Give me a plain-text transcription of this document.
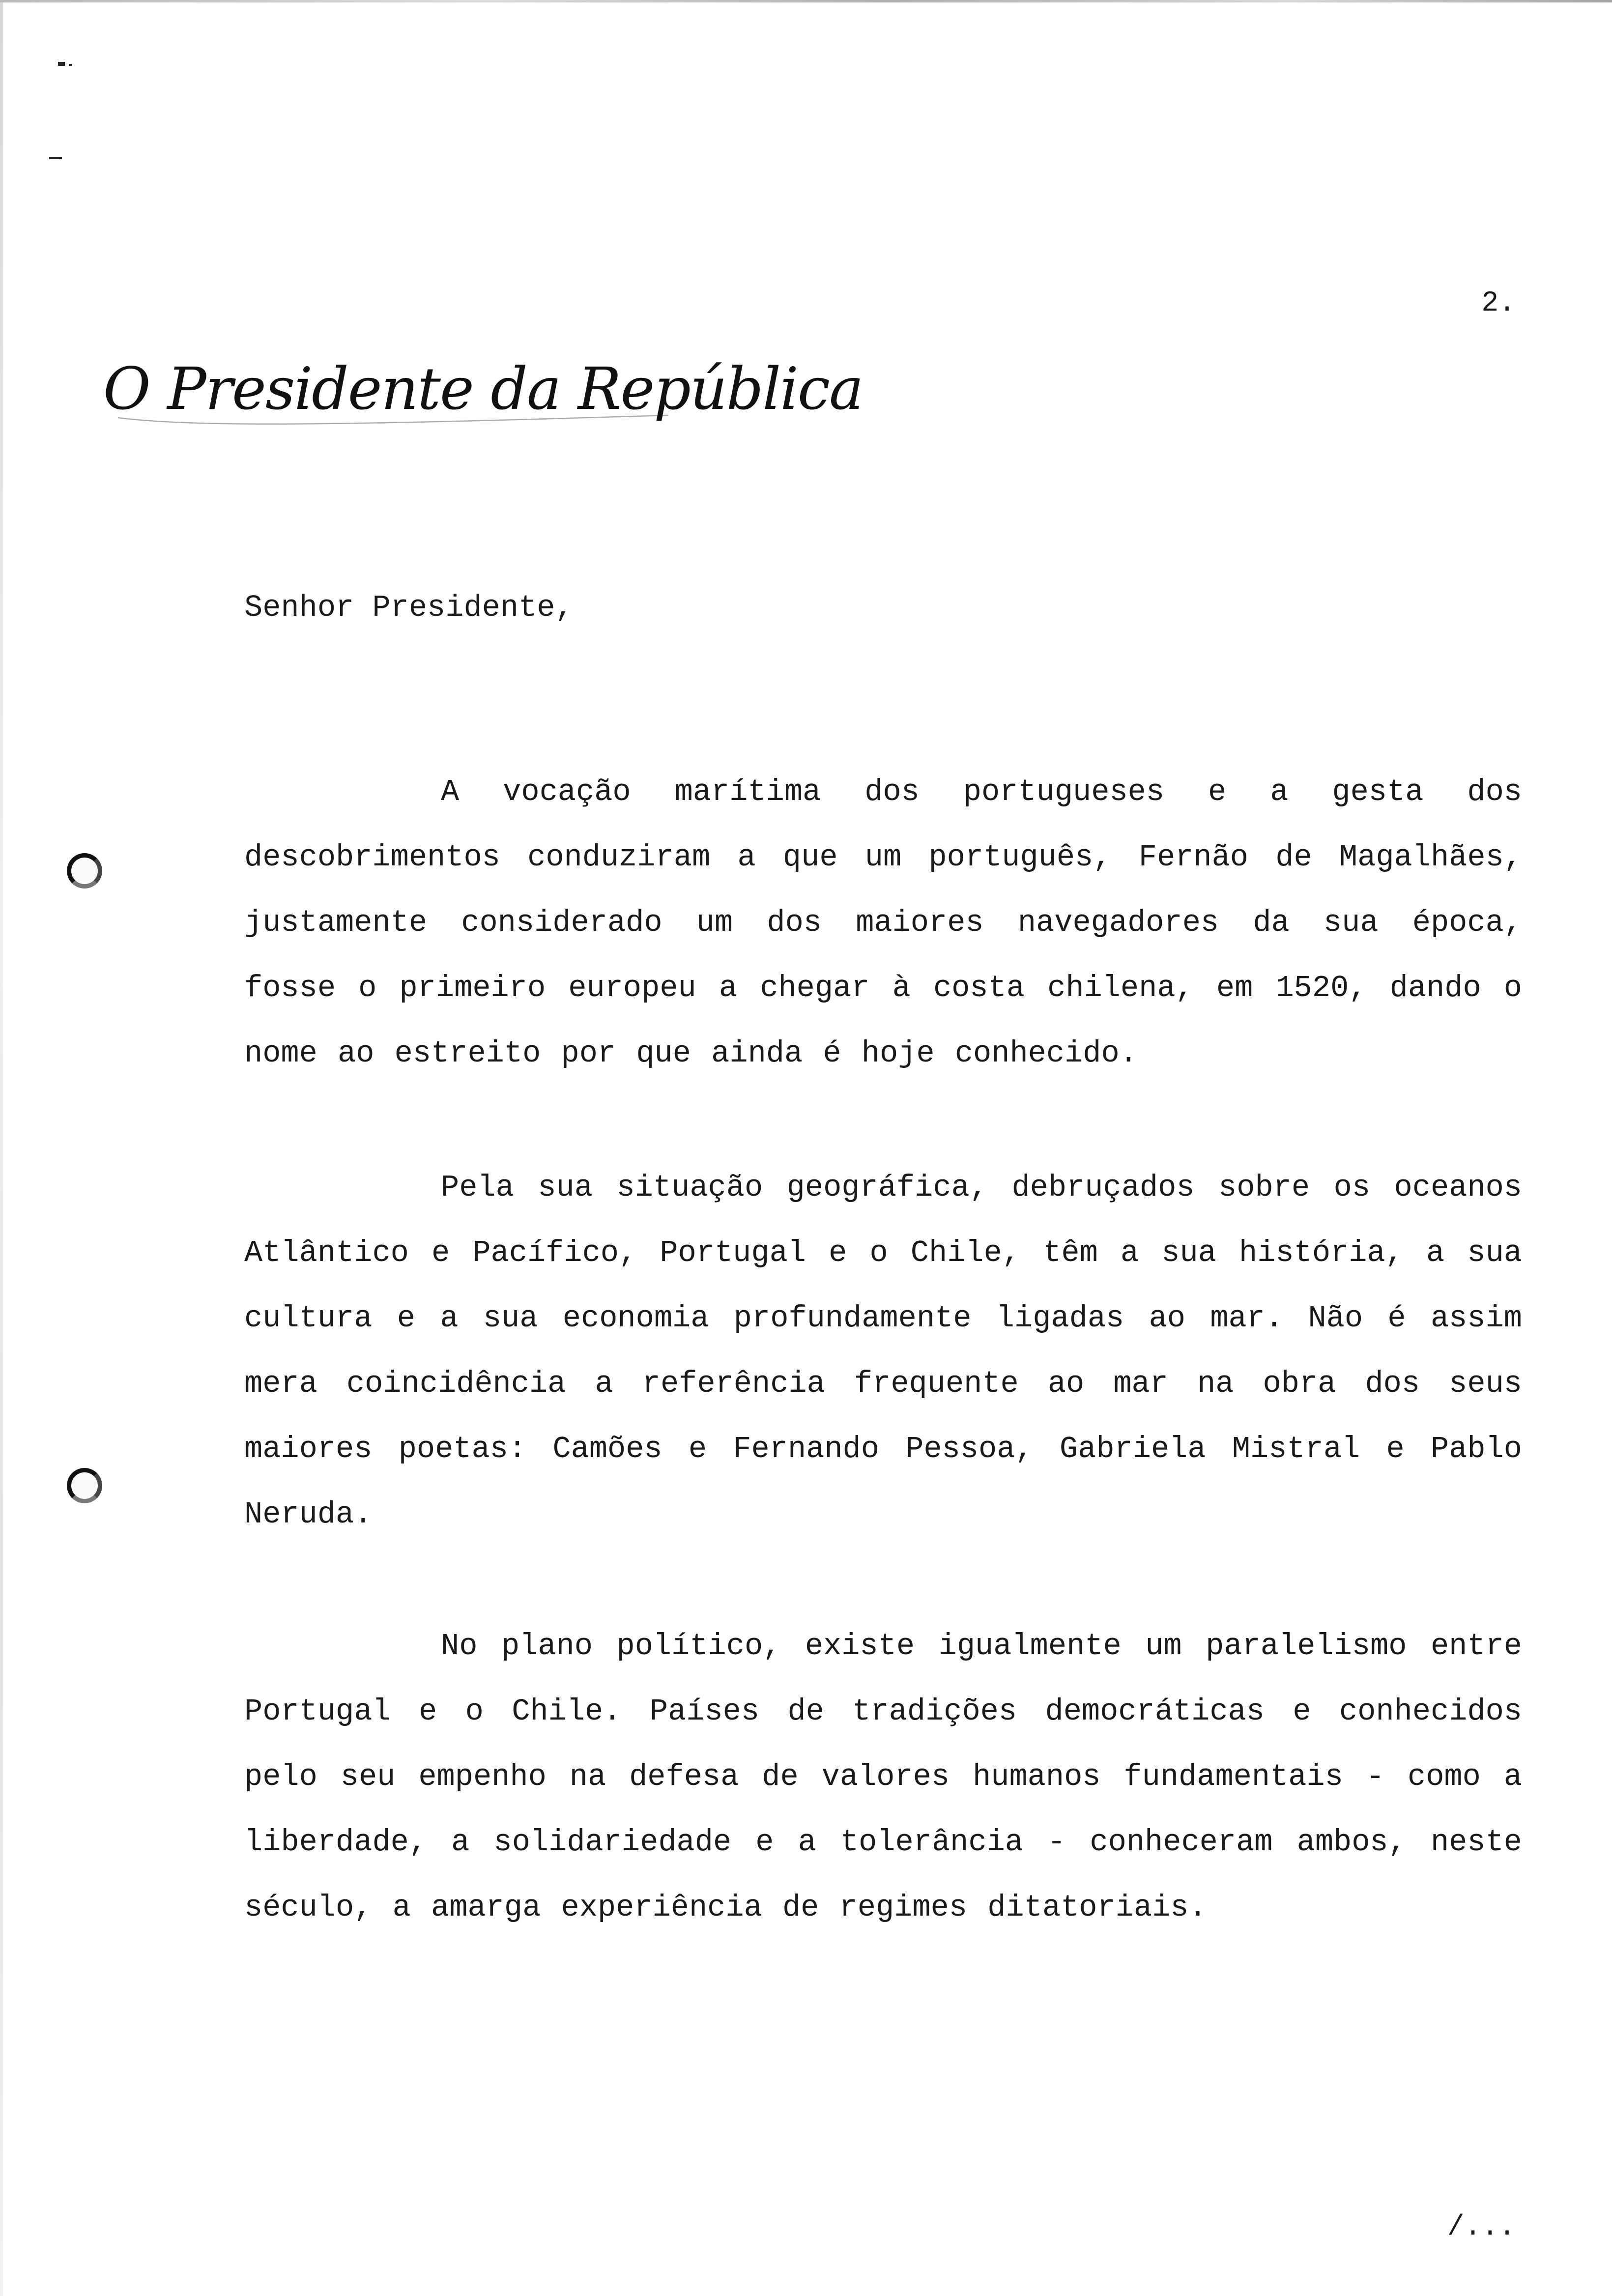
2.
O Presidente da República

Senhor Presidente,

A vocação marítima dos portugueses e a gesta dos descobrimentos conduziram a que um português, Fernão de Magalhães, justamente considerado um dos maiores navegadores da sua época, fosse o primeiro europeu a chegar à costa chilena, em 1520, dando o nome ao estreito por que ainda é hoje conhecido.

Pela sua situação geográfica, debruçados sobre os oceanos Atlântico e Pacífico, Portugal e o Chile, têm a sua história, a sua cultura e a sua economia profundamente ligadas ao mar. Não é assim mera coincidência a referência frequente ao mar na obra dos seus maiores poetas: Camões e Fernando Pessoa, Gabriela Mistral e Pablo Neruda.

No plano político, existe igualmente um paralelismo entre Portugal e o Chile. Países de tradições democráticas e conhecidos pelo seu empenho na defesa de valores humanos fundamentais - como a liberdade, a solidariedade e a tolerância - conheceram ambos, neste século, a amarga experiência de regimes ditatoriais.

/...
